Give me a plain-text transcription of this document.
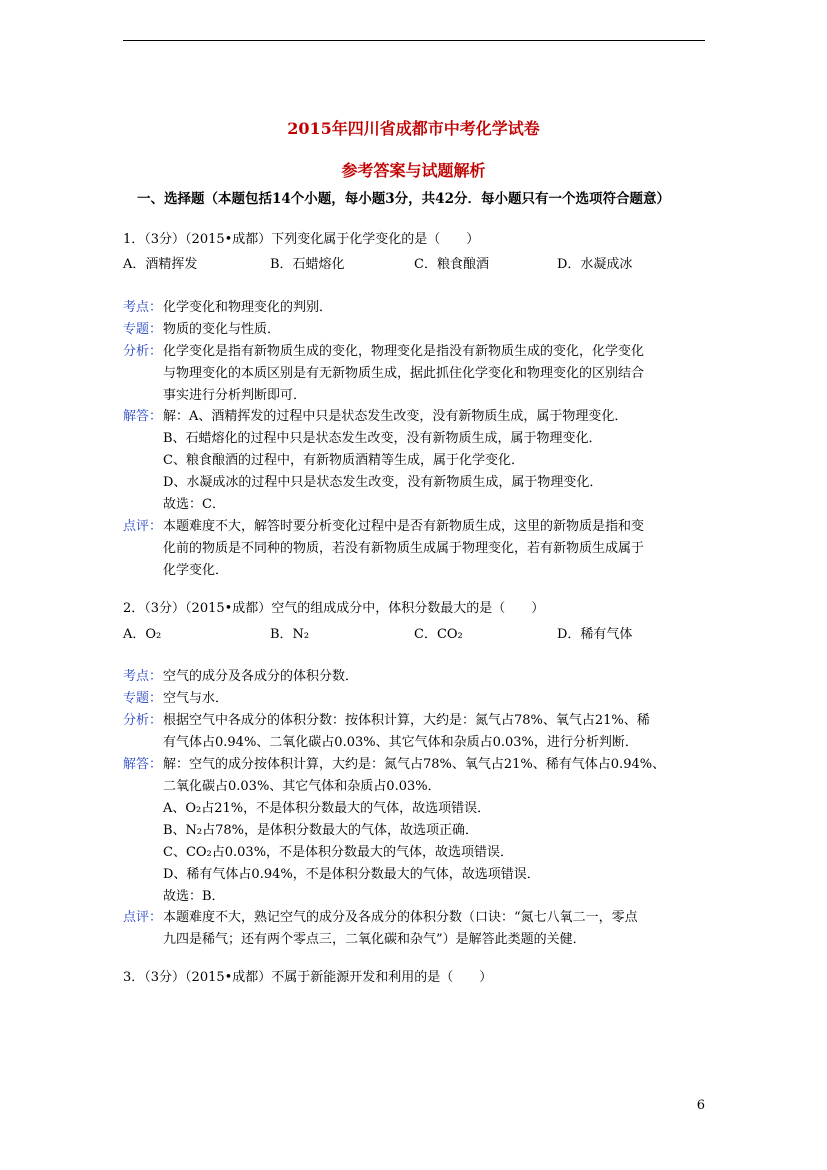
2015年四川省成都市中考化学试卷
参考答案与试题解析
一、选择题（本题包括14个小题，每小题3分，共42分．每小题只有一个选项符合题意）
1．（3分）（2015•成都）下列变化属于化学变化的是（　　）
A．酒精挥发	B．石蜡熔化	C．粮食酿酒	D．水凝成冰
考点： 化学变化和物理变化的判别．
专题： 物质的变化与性质．
分析： 化学变化是指有新物质生成的变化，物理变化是指没有新物质生成的变化，化学变化
与物理变化的本质区别是有无新物质生成，据此抓住化学变化和物理变化的区别结合
事实进行分析判断即可．
解答： 解：A、酒精挥发的过程中只是状态发生改变，没有新物质生成，属于物理变化．
B、石蜡熔化的过程中只是状态发生改变，没有新物质生成，属于物理变化．
C、粮食酿酒的过程中，有新物质酒精等生成，属于化学变化．
D、水凝成冰的过程中只是状态发生改变，没有新物质生成，属于物理变化．
故选：C．
点评： 本题难度不大，解答时要分析变化过程中是否有新物质生成，这里的新物质是指和变
化前的物质是不同种的物质，若没有新物质生成属于物理变化，若有新物质生成属于
化学变化．
2．（3分）（2015•成都）空气的组成成分中，体积分数最大的是（　　）
A．O₂	B．N₂	C．CO₂	D．稀有气体
考点： 空气的成分及各成分的体积分数．
专题： 空气与水．
分析： 根据空气中各成分的体积分数：按体积计算，大约是：氮气占78%、氧气占21%、稀
有气体占0.94%、二氧化碳占0.03%、其它气体和杂质占0.03%，进行分析判断．
解答： 解：空气的成分按体积计算，大约是：氮气占78%、氧气占21%、稀有气体占0.94%、
二氧化碳占0.03%、其它气体和杂质占0.03%．
A、O₂占21%，不是体积分数最大的气体，故选项错误．
B、N₂占78%，是体积分数最大的气体，故选项正确．
C、CO₂占0.03%，不是体积分数最大的气体，故选项错误．
D、稀有气体占0.94%，不是体积分数最大的气体，故选项错误．
故选：B．
点评： 本题难度不大，熟记空气的成分及各成分的体积分数（口诀：“氮七八氧二一，零点
九四是稀气；还有两个零点三，二氧化碳和杂气”）是解答此类题的关健．
3．（3分）（2015•成都）不属于新能源开发和利用的是（　　）
6
